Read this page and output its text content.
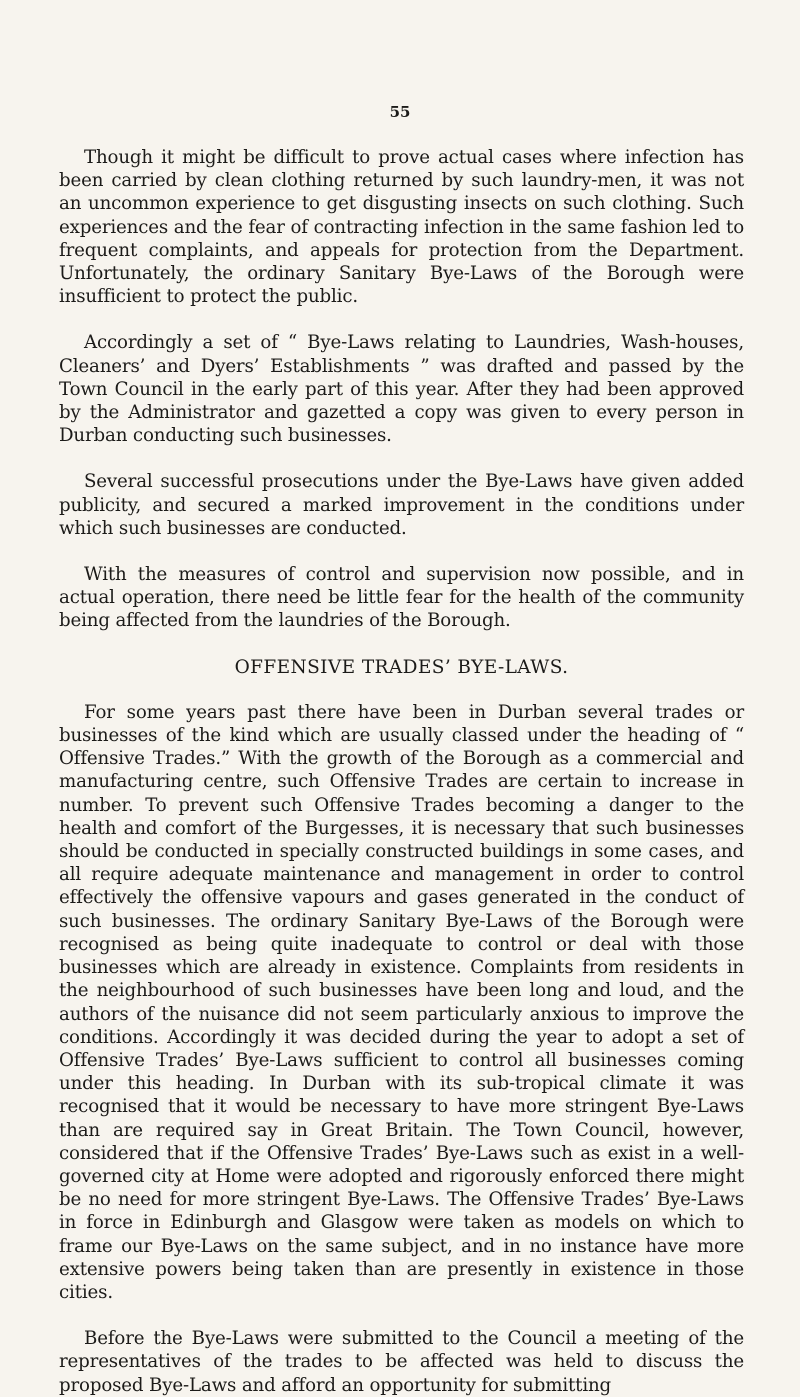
55

Though it might be difficult to prove actual cases where infection has been carried by clean clothing returned by such laundry-men, it was not an uncommon experience to get disgusting insects on such clothing. Such experiences and the fear of contracting infection in the same fashion led to frequent complaints, and appeals for protection from the Department. Unfortunately, the ordinary Sanitary Bye-Laws of the Borough were insufficient to protect the public.

Accordingly a set of “ Bye-Laws relating to Laundries, Wash-houses, Cleaners’ and Dyers’ Establishments ” was drafted and passed by the Town Council in the early part of this year. After they had been approved by the Administrator and gazetted a copy was given to every person in Durban conducting such businesses.

Several successful prosecutions under the Bye-Laws have given added publicity, and secured a marked improvement in the conditions under which such businesses are conducted.

With the measures of control and supervision now possible, and in actual operation, there need be little fear for the health of the community being affected from the laundries of the Borough.

OFFENSIVE TRADES’ BYE-LAWS.

For some years past there have been in Durban several trades or businesses of the kind which are usually classed under the heading of “ Offensive Trades.” With the growth of the Borough as a commercial and manufacturing centre, such Offensive Trades are certain to increase in number. To prevent such Offensive Trades becoming a danger to the health and comfort of the Burgesses, it is necessary that such businesses should be conducted in specially constructed buildings in some cases, and all require adequate maintenance and management in order to control effectively the offensive vapours and gases generated in the conduct of such businesses. The ordinary Sanitary Bye-Laws of the Borough were recognised as being quite inadequate to control or deal with those businesses which are already in existence. Complaints from residents in the neighbourhood of such businesses have been long and loud, and the authors of the nuisance did not seem particularly anxious to improve the conditions. Accordingly it was decided during the year to adopt a set of Offensive Trades’ Bye-Laws sufficient to control all businesses coming under this heading. In Durban with its sub-tropical climate it was recognised that it would be necessary to have more stringent Bye-Laws than are required say in Great Britain. The Town Council, however, considered that if the Offensive Trades’ Bye-Laws such as exist in a well-governed city at Home were adopted and rigorously enforced there might be no need for more stringent Bye-Laws. The Offensive Trades’ Bye-Laws in force in Edinburgh and Glasgow were taken as models on which to frame our Bye-Laws on the same subject, and in no instance have more extensive powers being taken than are presently in existence in those cities.

Before the Bye-Laws were submitted to the Council a meeting of the representatives of the trades to be affected was held to discuss the proposed Bye-Laws and afford an opportunity for submitting
